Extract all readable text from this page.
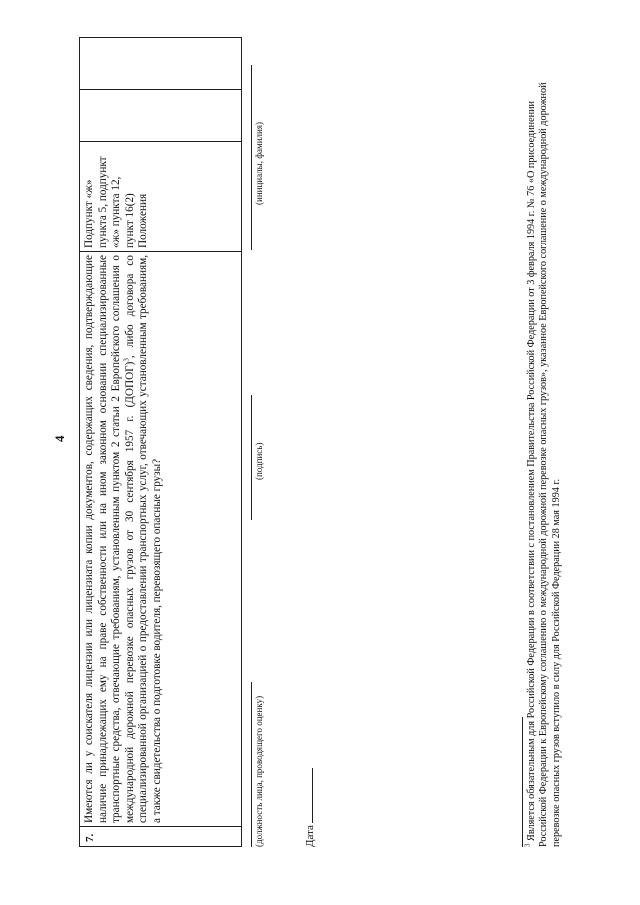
4
7.
Имеются ли у соискателя лицензии или лицензиата копии документов, содержащих сведения, подтверждающие наличие принадлежащих ему на праве собственности или на ином законном основании специализированные транспортные средства, отвечающие требованиям, установленным пунктом 2 статьи 2 Европейского соглашения о международной дорожной перевозке опасных грузов от 30 сентября 1957 г. (ДОПОГ)$^3$, либо договора со специализированной организацией о предоставлении транспортных услуг, отвечающих установленным требованиям, а также свидетельства о подготовке водителя, перевозящего опасные грузы?
Подпункт «ж» пункта 5, подпункт «ж» пункта 12, пункт 16(2) Положения
(должность лица, проводящего оценку)
(подпись)
(инициалы, фамилия)
Дата	$^3$ Является обязательным для Российской Федерации в соответствии с постановлением Правительства Российской Федерации от 3 февраля 1994 г. № 76 «О присоединении Российской Федерации к Европейскому соглашению о международной дорожной перевозке опасных грузов», указанное Европейского соглашение о международной дорожной перевозке опасных грузов вступило в силу для Российской Федерации 28 мая 1994 г.
